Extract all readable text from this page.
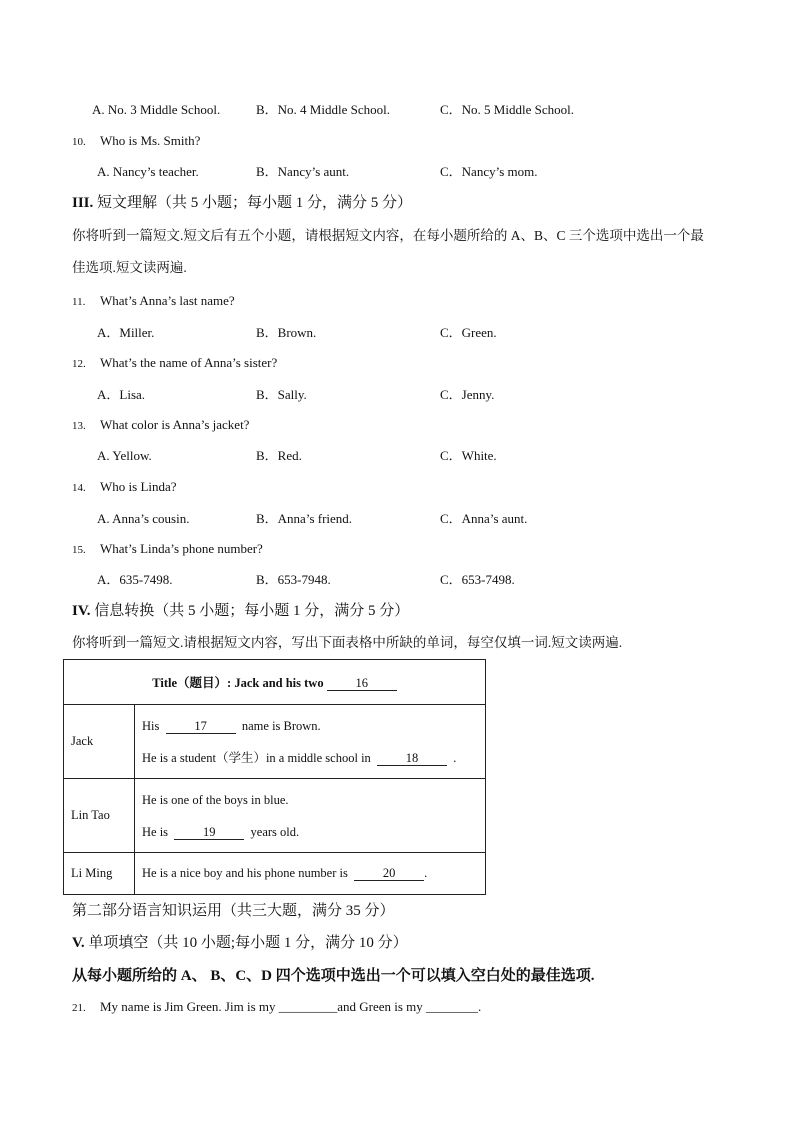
A. No. 3 Middle School.	B．No. 4 Middle School.	C．No. 5 Middle School.
10. Who is Ms. Smith?
A. Nancy’s teacher.	B．Nancy’s aunt.	C．Nancy’s mom.
III. 短文理解（共 5 小题；每小题 1 分，满分 5 分）
你将听到一篇短文.短文后有五个小题，请根据短文内容，在每小题所给的 A、B、C 三个选项中选出一个最
佳选项.短文读两遍.
11. What’s Anna’s last name?
A．Miller.	B．Brown.	C．Green.
12. What’s the name of Anna’s sister?
A．Lisa.	B．Sally.	C．Jenny.
13. What color is Anna’s jacket?
A. Yellow.	B．Red.	C．White.
14. Who is Linda?
A. Anna’s cousin.	B．Anna’s friend.	C．Anna’s aunt.
15. What’s Linda’s phone number?
A．635-7498.	B．653-7948.	C．653-7498.
IV. 信息转换（共 5 小题；每小题 1 分，满分 5 分）
你将听到一篇短文.请根据短文内容，写出下面表格中所缺的单词，每空仅填一词.短文读两遍.
Title（题目）: Jack and his two 16	
Jack	His 17 name is Brown.

He is a student（学生）in a middle school in 18 .

Lin Tao	He is one of the boys in blue.

He is 19 years old.

Li Ming	He is a nice boy and his phone number is 20 .
第二部分语言知识运用（共三大题，满分 35 分）
V. 单项填空（共 10 小题;每小题 1 分，满分 10 分）
从每小题所给的 A、 B、C、D 四个选项中选出一个可以填入空白处的最佳选项.
21. My name is Jim Green. Jim is my _________and Green is my ________.
